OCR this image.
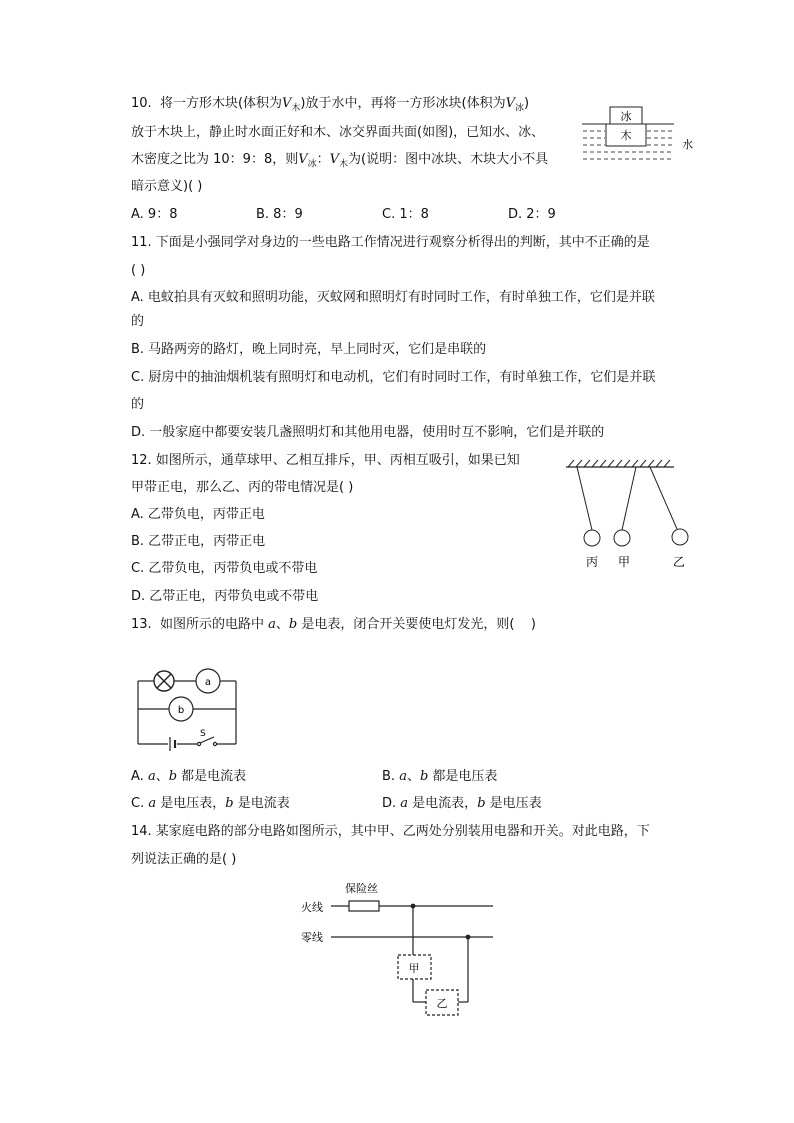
10.  将一方形木块(体积为$V_木$)放于水中，再将一方形冰块(体积为$V_冰$)
放于木块上，静止时水面正好和木、冰交界面共面(如图)，已知水、冰、
木密度之比为 10：9：8，则$V_冰$：$V_木$为(说明：图中冰块、木块大小不具
暗示意义)( )
A. 9：8	B. 8：9	C. 1：8	D. 2：9
冰
木
水
11. 下面是小强同学对身边的一些电路工作情况进行观察分析得出的判断，其中不正确的是
( )
A. 电蚊拍具有灭蚊和照明功能，灭蚊网和照明灯有时同时工作，有时单独工作，它们是并联
的
B. 马路两旁的路灯，晚上同时亮，早上同时灭，它们是串联的
C. 厨房中的抽油烟机装有照明灯和电动机，它们有时同时工作，有时单独工作，它们是并联
的
D. 一般家庭中都要安装几盏照明灯和其他用电器，使用时互不影响，它们是并联的
12. 如图所示，通草球甲、乙相互排斥，甲、丙相互吸引，如果已知
甲带正电，那么乙、丙的带电情况是( )
A. 乙带负电，丙带正电
B. 乙带正电，丙带正电
C. 乙带负电，丙带负电或不带电
D. 乙带正电，丙带负电或不带电
丙 甲	乙
13.  如图所示的电路中 a、b 是电表，闭合开关要使电灯发光，则(    )
a
b
S
A. a、b 都是电流表	B. a、b 都是电压表
C. a 是电压表，b 是电流表	D. a 是电流表，b 是电压表
14. 某家庭电路的部分电路如图所示，其中甲、乙两处分别装用电器和开关。对此电路，下
列说法正确的是( )
保险丝
火线
零线
甲
乙
